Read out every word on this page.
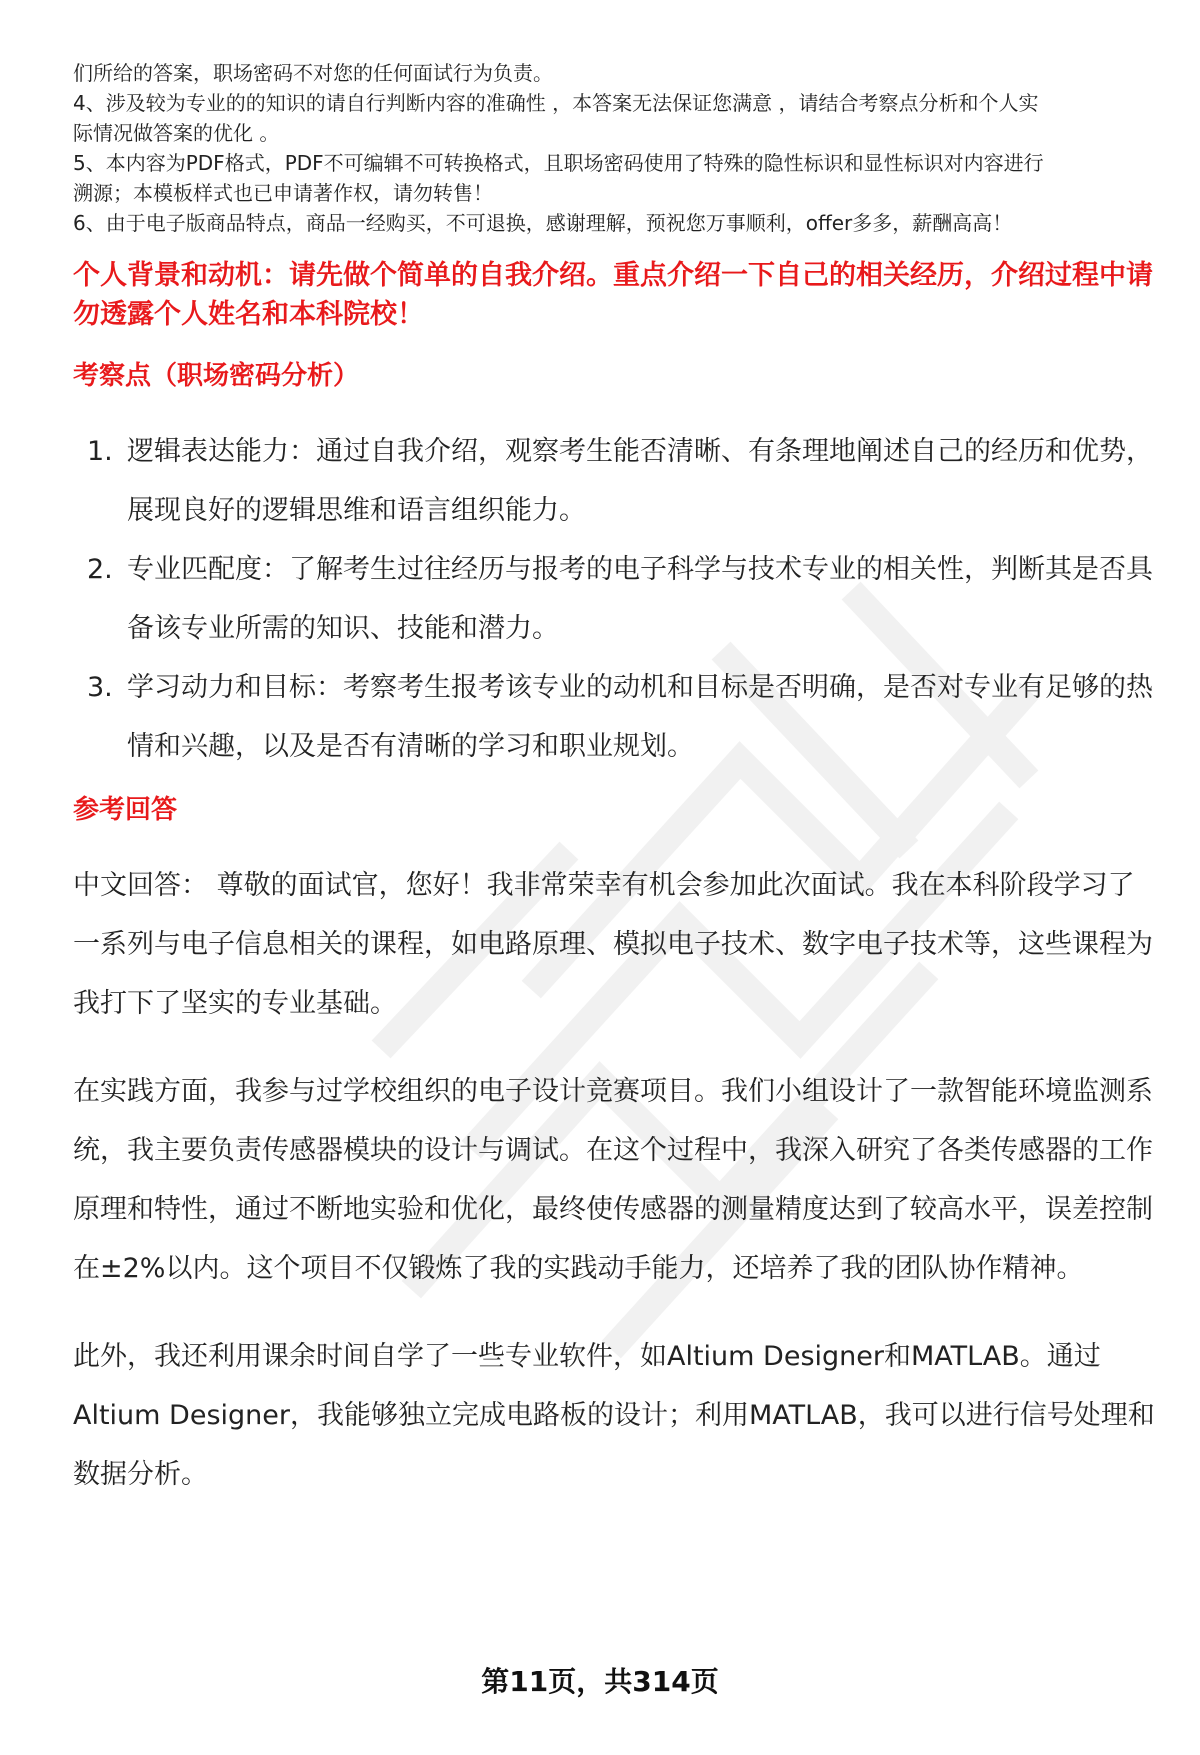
们所给的答案，职场密码不对您的任何面试行为负责。

4、涉及较为专业的的知识的请自行判断内容的准确性 ，本答案无法保证您满意 ，请结合考察点分析和个人实

际情况做答案的优化 。

5、本内容为PDF格式，PDF不可编辑不可转换格式，且职场密码使用了特殊的隐性标识和显性标识对内容进行

溯源；本模板样式也已申请著作权，请勿转售！

6、由于电子版商品特点，商品一经购买，不可退换，感谢理解，预祝您万事顺利，offer多多，薪酬高高！

个人背景和动机：请先做个简单的自我介绍。重点介绍一下自己的相关经历，介绍过程中请勿透露个人姓名和本科院校！
考察点（职场密码分析）
1. 逻辑表达能力：通过自我介绍，观察考生能否清晰、有条理地阐述自己的经历和优势，展现良好的逻辑思维和语言组织能力。
2. 专业匹配度：了解考生过往经历与报考的电子科学与技术专业的相关性，判断其是否具备该专业所需的知识、技能和潜力。
3. 学习动力和目标：考察考生报考该专业的动机和目标是否明确，是否对专业有足够的热情和兴趣，以及是否有清晰的学习和职业规划。
参考回答

中文回答： 尊敬的面试官，您好！我非常荣幸有机会参加此次面试。我在本科阶段学习了一系列与电子信息相关的课程，如电路原理、模拟电子技术、数字电子技术等，这些课程为我打下了坚实的专业基础。

在实践方面，我参与过学校组织的电子设计竞赛项目。我们小组设计了一款智能环境监测系统，我主要负责传感器模块的设计与调试。在这个过程中，我深入研究了各类传感器的工作原理和特性，通过不断地实验和优化，最终使传感器的测量精度达到了较高水平，误差控制在±2%以内。这个项目不仅锻炼了我的实践动手能力，还培养了我的团队协作精神。

此外，我还利用课余时间自学了一些专业软件，如Altium Designer和MATLAB。通过Altium Designer，我能够独立完成电路板的设计；利用MATLAB，我可以进行信号处理和数据分析。

第11页，共314页
